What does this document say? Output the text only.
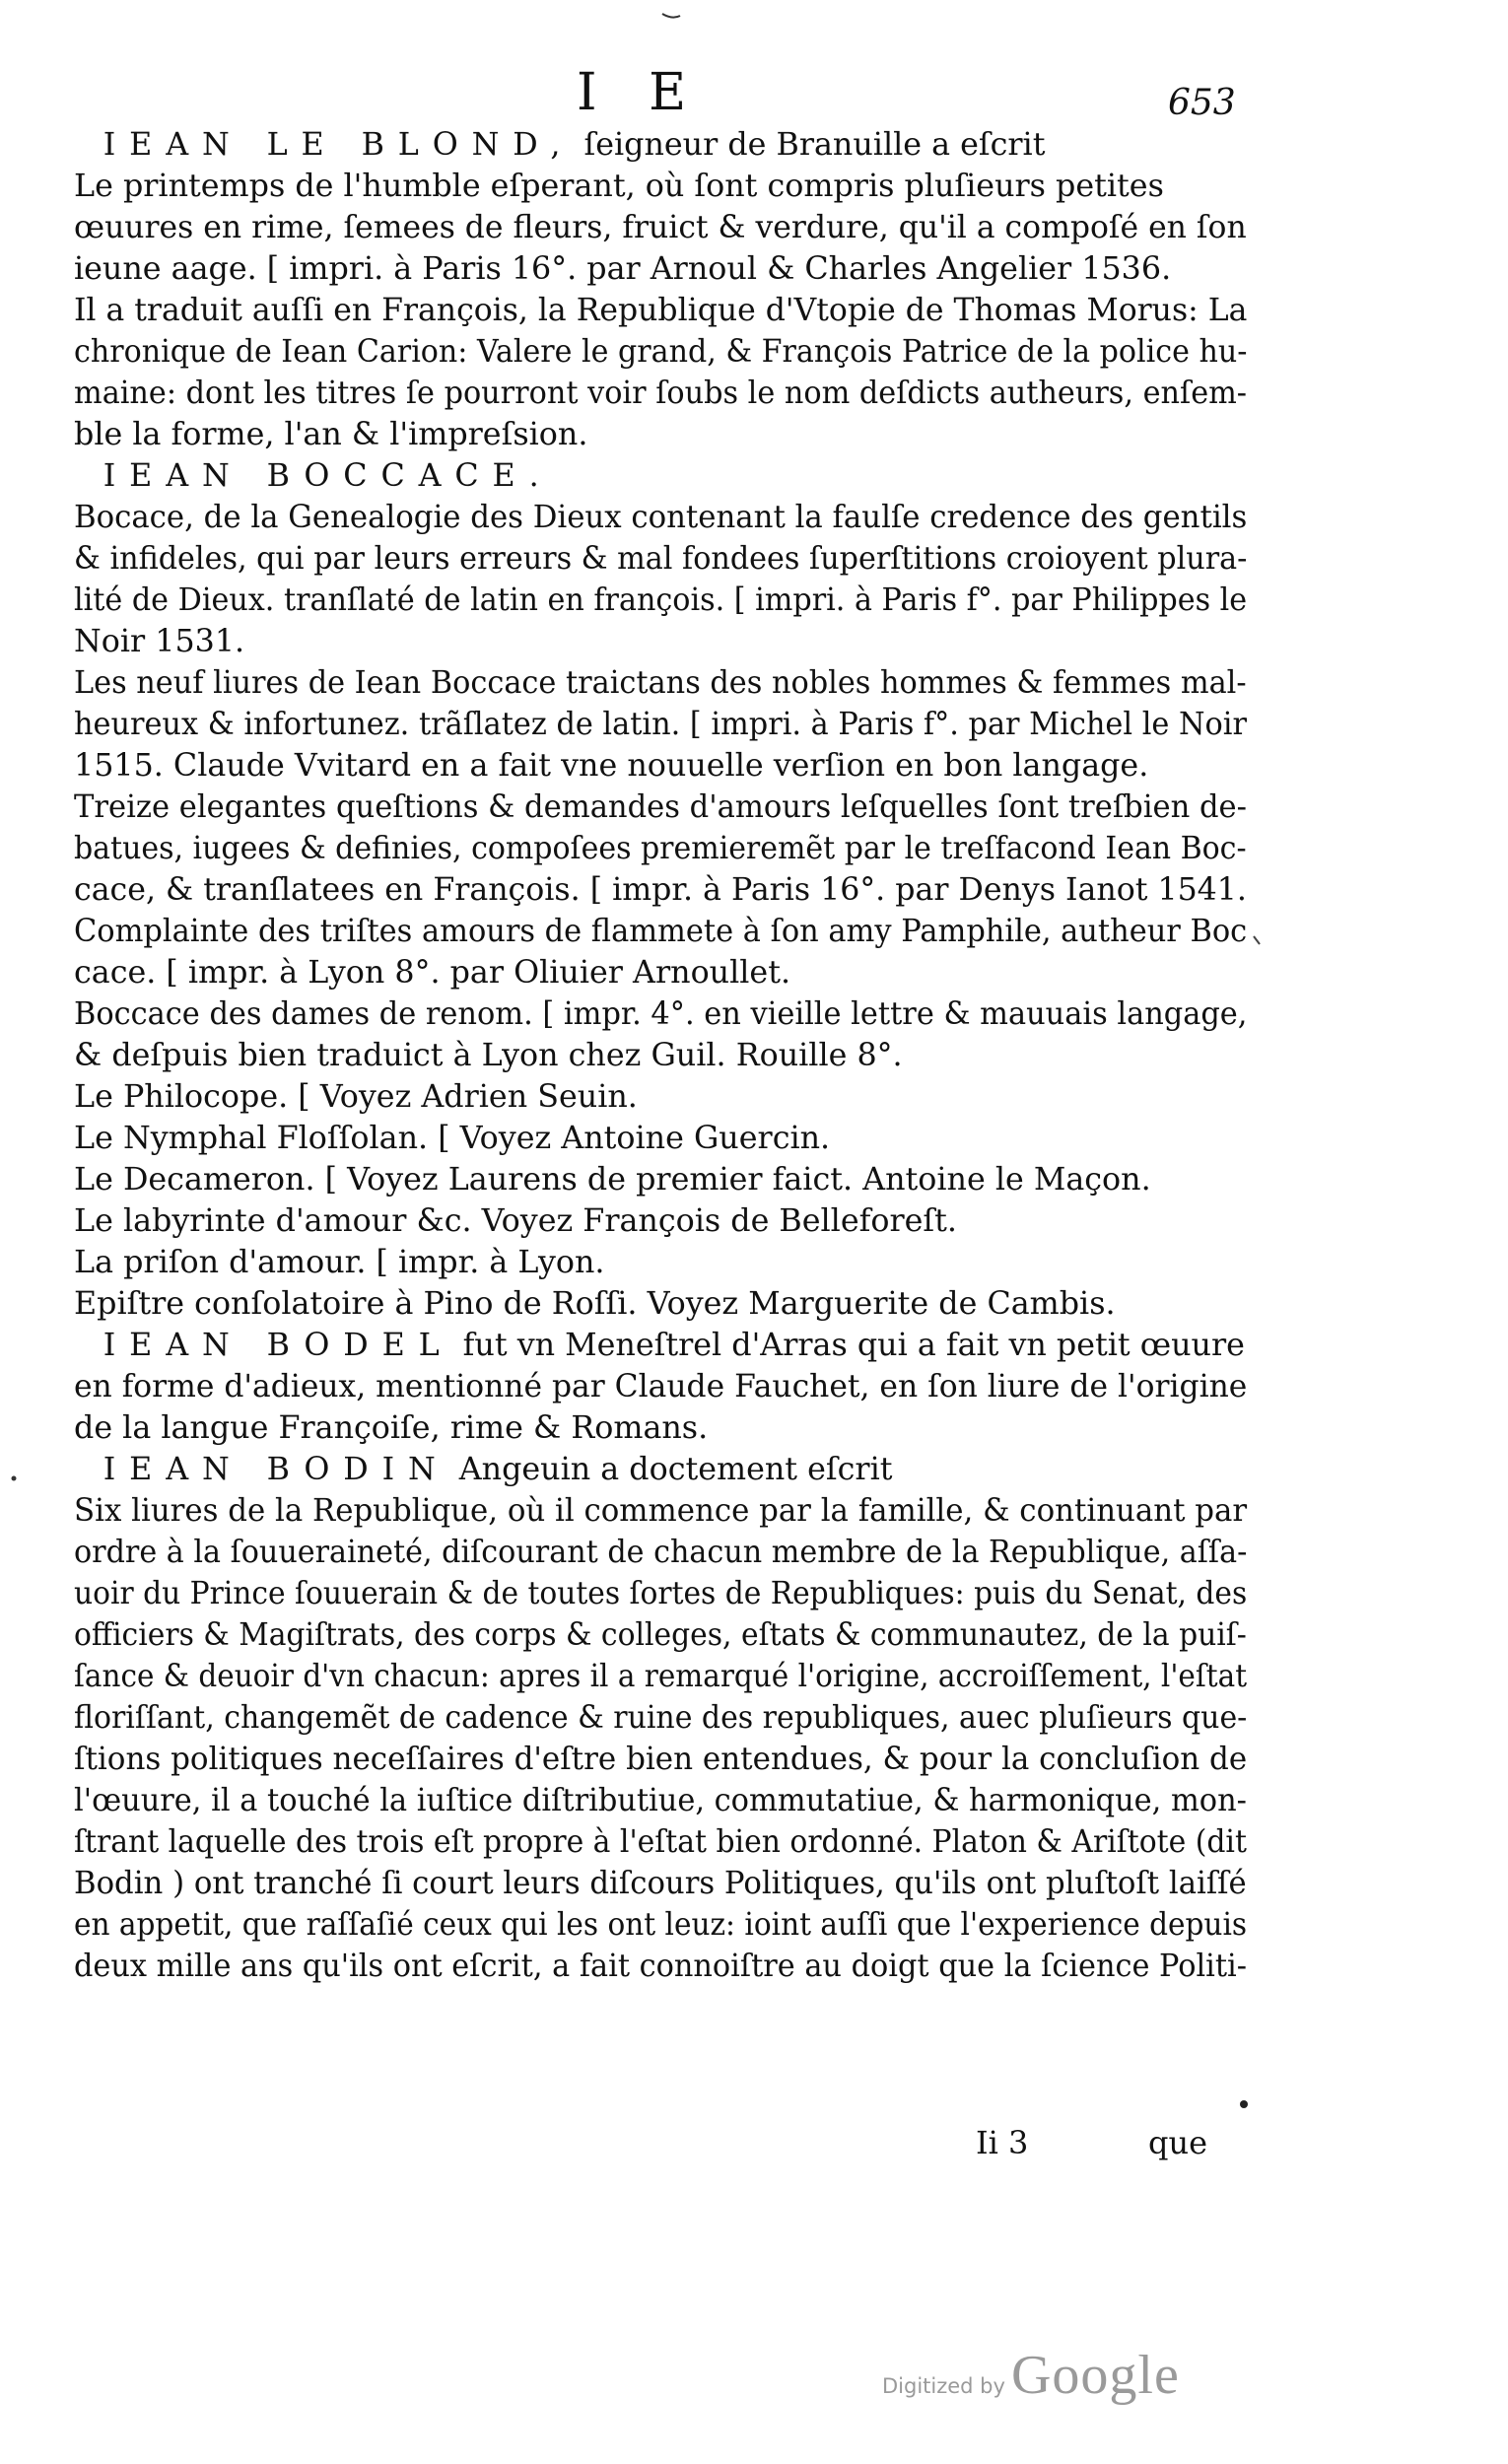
I E	653
IEAN LE BLOND, ſeigneur de Branuille a eſcrit
Le printemps de l'humble eſperant, où ſont compris pluſieurs petites
œuures en rime, ſemees de fleurs, fruict & verdure, qu'il a compoſé en ſon
ieune aage. [ impri. à Paris 16°. par Arnoul & Charles Angelier 1536.
Il a traduit auſſi en François, la Republique d'Vtopie de Thomas Morus: La
chronique de Iean Carion: Valere le grand, & François Patrice de la police hu-
maine: dont les titres ſe pourront voir ſoubs le nom deſdicts autheurs, enſem-
ble la forme, l'an & l'impreſsion.
IEAN BOCCACE.
Bocace, de la Genealogie des Dieux contenant la faulſe credence des gentils
& infideles, qui par leurs erreurs & mal fondees ſuperſtitions croioyent plura-
lité de Dieux. tranſlaté de latin en françois. [ impri. à Paris f°. par Philippes le
Noir 1531.
Les neuf liures de Iean Boccace traictans des nobles hommes & femmes mal-
heureux & infortunez. trãſlatez de latin. [ impri. à Paris f°. par Michel le Noir
1515. Claude Vvitard en a fait vne nouuelle verſion en bon langage.
Treize elegantes queſtions & demandes d'amours leſquelles ſont treſbien de-
batues, iugees & definies, compoſees premieremẽt par le treſfacond Iean Boc-
cace, & tranſlatees en François. [ impr. à Paris 16°. par Denys Ianot 1541.
Complainte des triſtes amours de flammete à ſon amy Pamphile, autheur Boc
cace. [ impr. à Lyon 8°. par Oliuier Arnoullet.
Boccace des dames de renom. [ impr. 4°. en vieille lettre & mauuais langage,
& deſpuis bien traduict à Lyon chez Guil. Rouille 8°.
Le Philocope. [ Voyez Adrien Seuin.
Le Nymphal Floſſolan. [ Voyez Antoine Guercin.
Le Decameron. [ Voyez Laurens de premier faict. Antoine le Maçon.
Le labyrinte d'amour &c. Voyez François de Belleforeſt.
La priſon d'amour. [ impr. à Lyon.
Epiſtre conſolatoire à Pino de Roſſi. Voyez Marguerite de Cambis.
IEAN BODEL fut vn Meneſtrel d'Arras qui a fait vn petit œuure
en forme d'adieux, mentionné par Claude Fauchet, en ſon liure de l'origine
de la langue Françoiſe, rime & Romans.
IEAN BODIN Angeuin a doctement eſcrit
Six liures de la Republique, où il commence par la famille, & continuant par
ordre à la ſouueraineté, diſcourant de chacun membre de la Republique, aſſa-
uoir du Prince ſouuerain & de toutes ſortes de Republiques: puis du Senat, des
officiers & Magiſtrats, des corps & colleges, eſtats & communautez, de la puiſ-
ſance & deuoir d'vn chacun: apres il a remarqué l'origine, accroiſſement, l'eſtat
floriſſant, changemẽt de cadence & ruine des republiques, auec pluſieurs que-
ſtions politiques neceſſaires d'eſtre bien entendues, & pour la concluſion de
l'œuure, il a touché la iuſtice diſtributiue, commutatiue, & harmonique, mon-
ſtrant laquelle des trois eſt propre à l'eſtat bien ordonné. Platon & Ariſtote (dit
Bodin ) ont tranché ſi court leurs diſcours Politiques, qu'ils ont pluſtoſt laiſſé
en appetit, que raſſaſié ceux qui les ont leuz: ioint auſſi que l'experience depuis
deux mille ans qu'ils ont eſcrit, a fait connoiſtre au doigt que la ſcience Politi-
Ii 3	que
Digitized by Google
